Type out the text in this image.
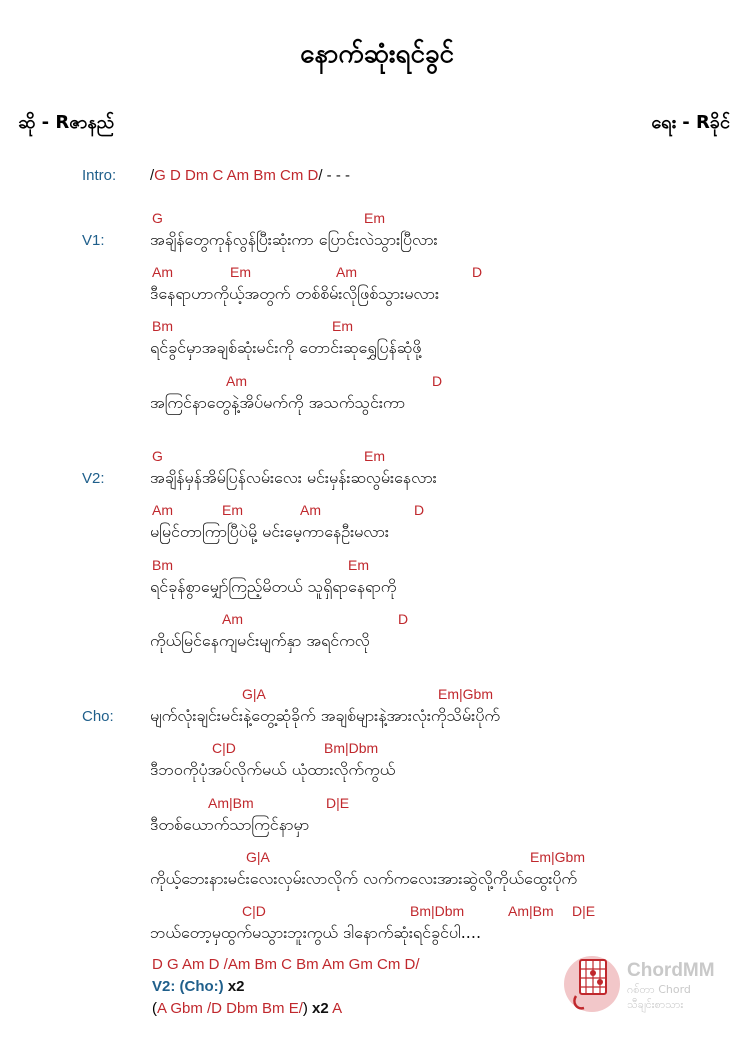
နောက်ဆုံးရင်ခွင်
ဆို - Rဇာနည်	ရေး - Rခိုင်
Intro: /G D Dm C Am Bm Cm D/ - - -
V1:
G	Em
အချိန်တွေကုန်လွန်ပြီးဆုံးကာ ပြောင်းလဲသွားပြီလား
Am	Em	Am	D
ဒီနေရာဟာကိုယ့်အတွက် တစ်စိမ်းလိုဖြစ်သွားမလား
Bm	Em
ရင်ခွင်မှာအချစ်ဆုံးမင်းကို တောင်းဆုရွှေပြန်ဆုံဖို့
Am	D
အကြင်နာတွေနဲ့အိပ်မက်ကို အသက်သွင်းကာ
V2:
G	Em
အချိန်မှန်အိမ်ပြန်လမ်းလေး မင်းမှန်းဆလွမ်းနေလား
Am	Em	Am	D
မမြင်တာကြာပြီပဲမို့ မင်းမေ့ကာနေဦးမလား
Bm	Em
ရင်ခုန်စွာမျှော်ကြည့်မိတယ် သူရှိရာနေရာကို
Am	D
ကိုယ်မြင်နေကျမင်းမျက်နှာ အရင်ကလို
Cho:
G|A	Em|Gbm
မျက်လုံးချင်းမင်းနဲ့တွေ့ဆုံခိုက် အချစ်များနဲ့အားလုံးကိုသိမ်းပိုက်
C|D	Bm|Dbm
ဒီဘဝကိုပုံအပ်လိုက်မယ် ယုံထားလိုက်ကွယ်
Am|Bm	D|E
ဒီတစ်ယောက်သာကြင်နာမှာ
G|A	Em|Gbm
ကိုယ့်ဘေးနားမင်းလေးလှမ်းလာလိုက် လက်ကလေးအားဆွဲလို့ကိုယ်ထွေးပိုက်
C|D	Bm|Dbm	Am|Bm D|E
ဘယ်တော့မှထွက်မသွားဘူးကွယ် ဒါနောက်ဆုံးရင်ခွင်ပါ....
D G Am D /Am Bm C Bm Am Gm Cm D/
V2: (Cho:) x2
(A Gbm /D Dbm Bm E/) x2 A
ChordMM
ဂစ်တာ Chord
သီချင်းစာသား
